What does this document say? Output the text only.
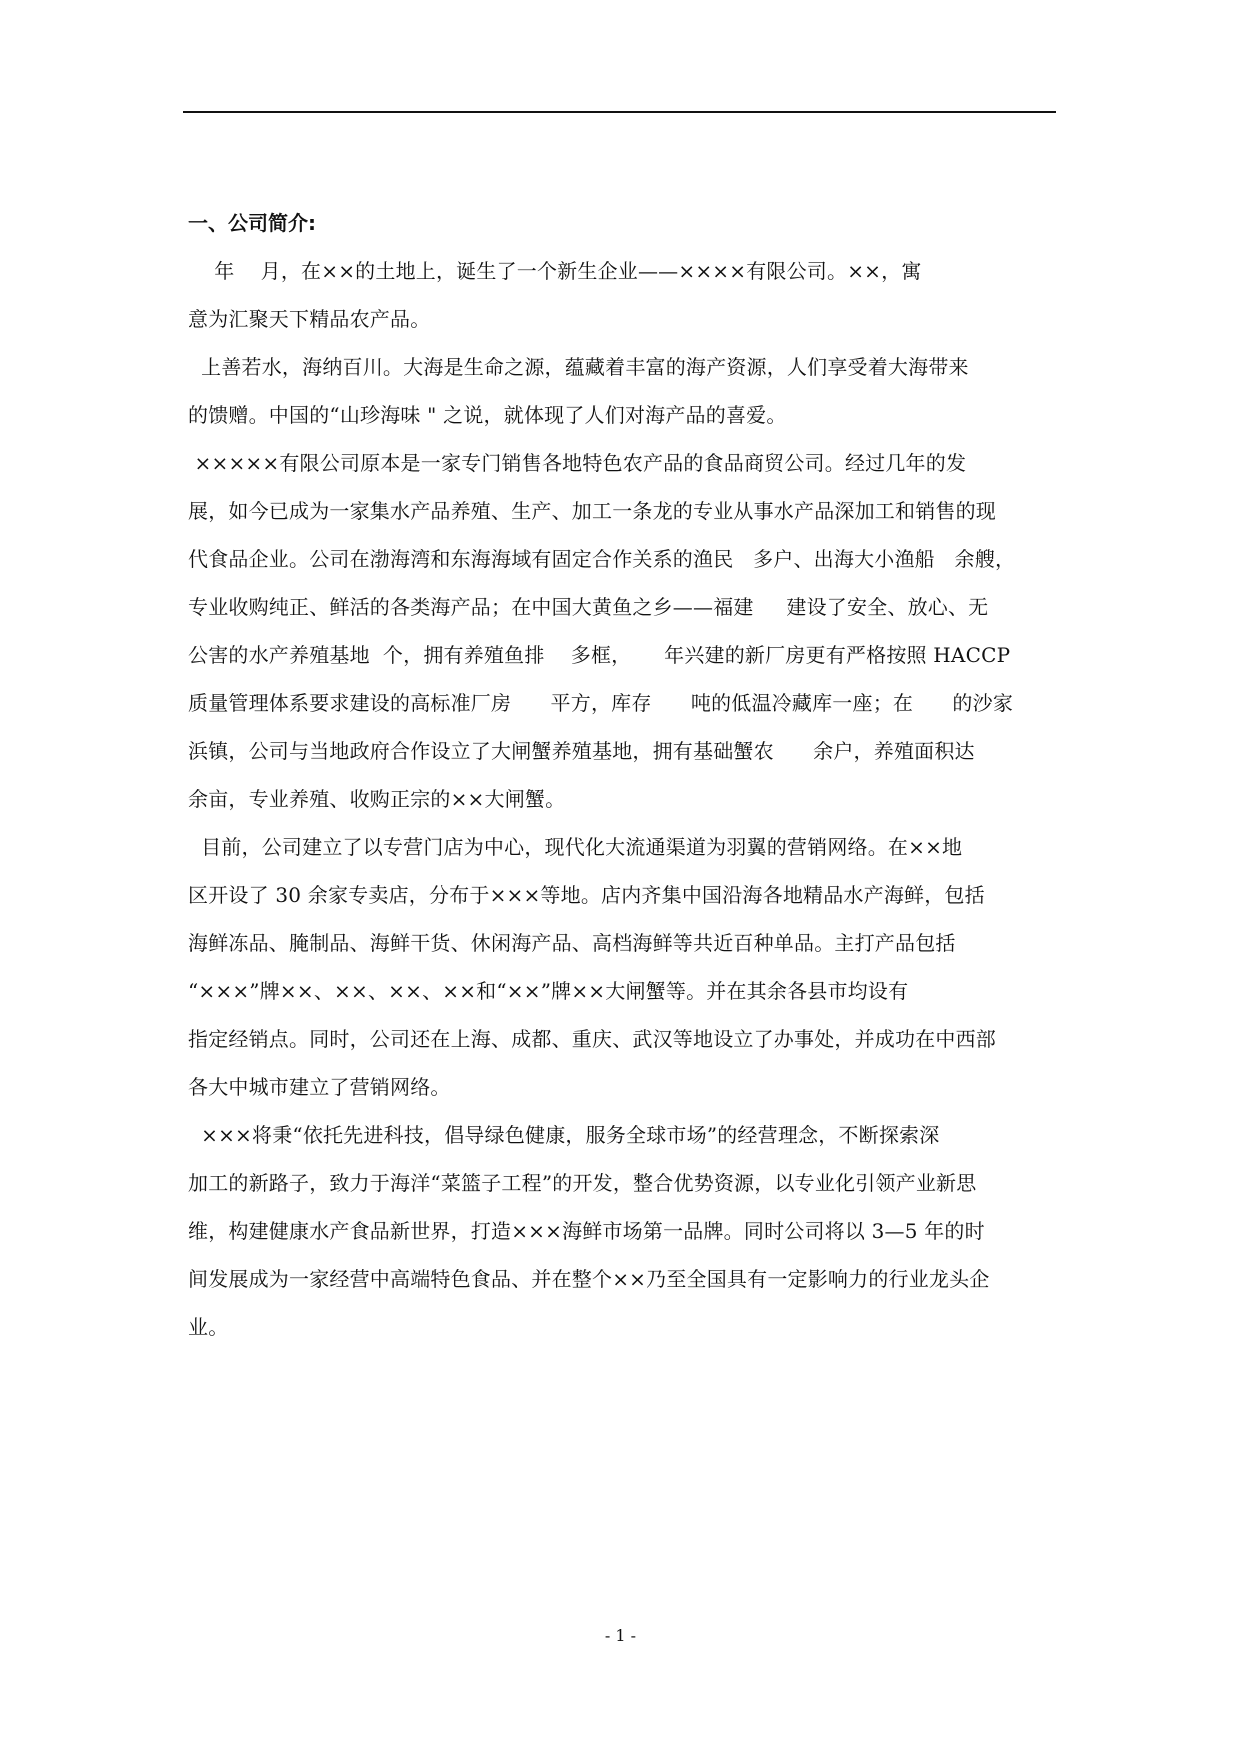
一、公司简介:
年    月，在××的土地上，诞生了一个新生企业——××××有限公司。××，寓
意为汇聚天下精品农产品。
上善若水，海纳百川。大海是生命之源，蕴藏着丰富的海产资源，人们享受着大海带来
的馈赠。中国的“山珍海味 " 之说，就体现了人们对海产品的喜爱。
×××××有限公司原本是一家专门销售各地特色农产品的食品商贸公司。经过几年的发
展，如今已成为一家集水产品养殖、生产、加工一条龙的专业从事水产品深加工和销售的现
代食品企业。公司在渤海湾和东海海域有固定合作关系的渔民   多户、出海大小渔船   余艘，
专业收购纯正、鲜活的各类海产品；在中国大黄鱼之乡——福建     建设了安全、放心、无
公害的水产养殖基地  个，拥有养殖鱼排    多框，     年兴建的新厂房更有严格按照 HACCP
质量管理体系要求建设的高标准厂房      平方，库存      吨的低温冷藏库一座；在      的沙家
浜镇，公司与当地政府合作设立了大闸蟹养殖基地，拥有基础蟹农      余户，养殖面积达
余亩，专业养殖、收购正宗的××大闸蟹。
目前，公司建立了以专营门店为中心，现代化大流通渠道为羽翼的营销网络。在××地
区开设了 30 余家专卖店，分布于×××等地。店内齐集中国沿海各地精品水产海鲜，包括
海鲜冻品、腌制品、海鲜干货、休闲海产品、高档海鲜等共近百种单品。主打产品包括
“×××”牌××、××、××、××和“××”牌××大闸蟹等。并在其余各县市均设有
指定经销点。同时，公司还在上海、成都、重庆、武汉等地设立了办事处，并成功在中西部
各大中城市建立了营销网络。
×××将秉“依托先进科技，倡导绿色健康，服务全球市场”的经营理念，不断探索深
加工的新路子，致力于海洋“菜篮子工程”的开发，整合优势资源，以专业化引领产业新思
维，构建健康水产食品新世界，打造×××海鲜市场第一品牌。同时公司将以 3—5 年的时
间发展成为一家经营中高端特色食品、并在整个××乃至全国具有一定影响力的行业龙头企
业。
- 1 -
